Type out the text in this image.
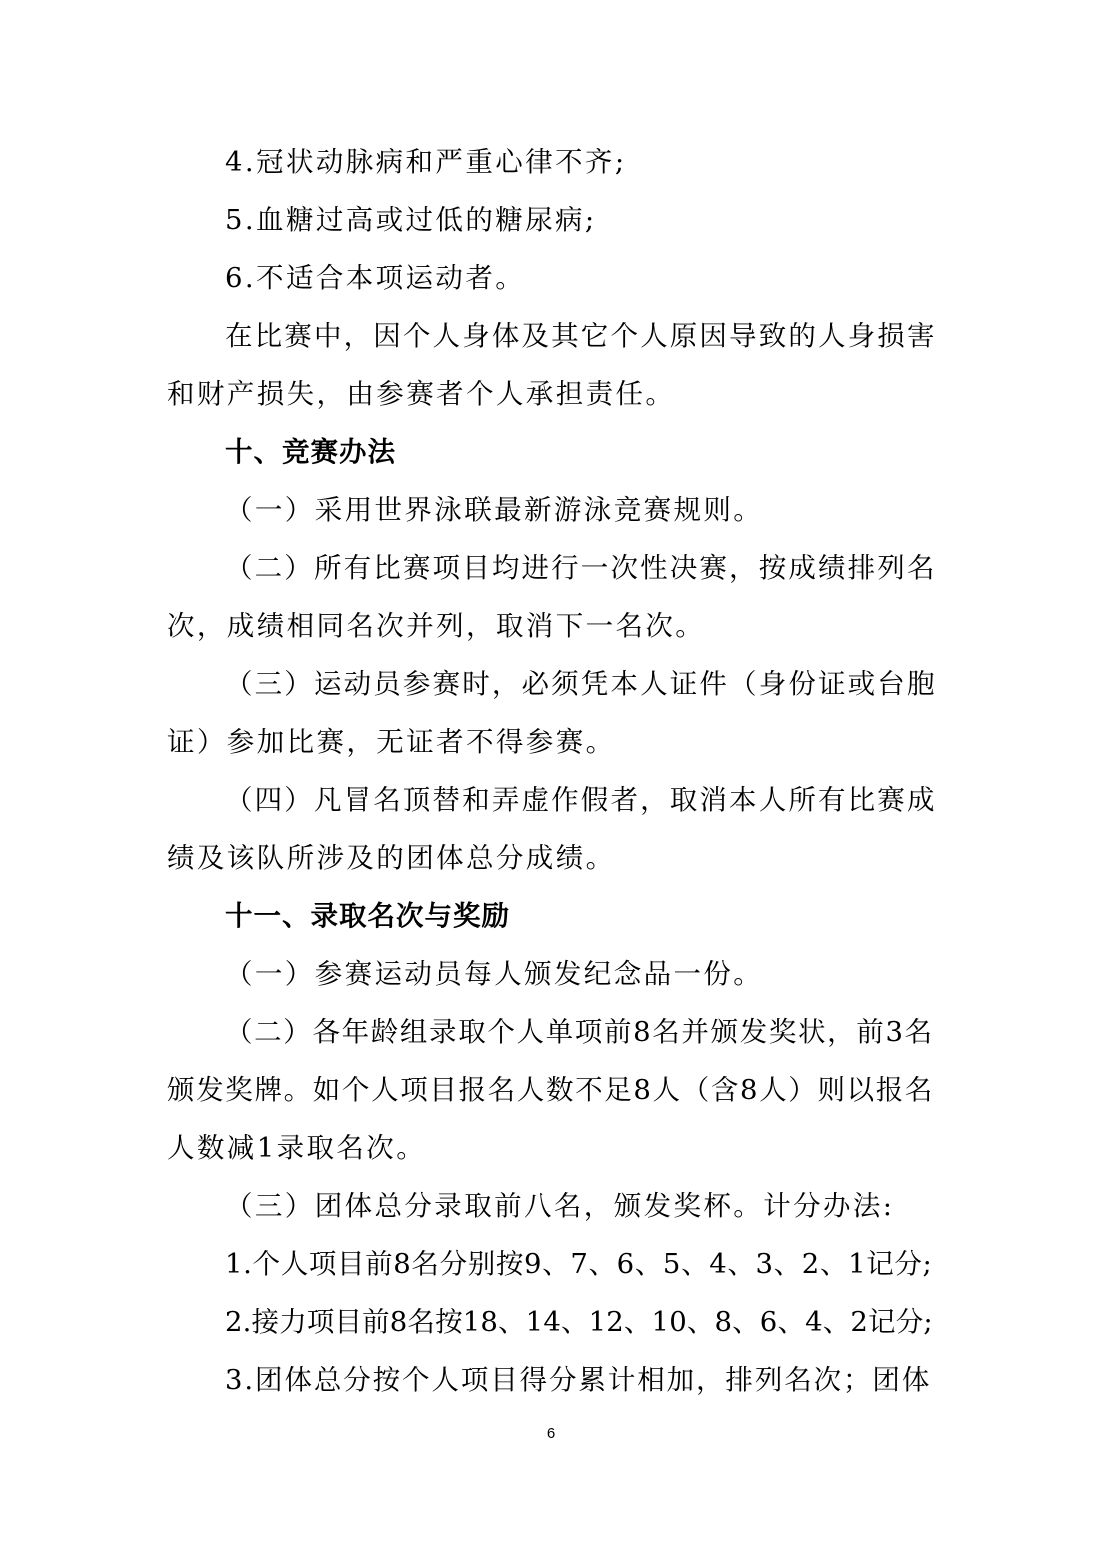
4.冠状动脉病和严重心律不齐;
5.血糖过高或过低的糖尿病;
6.不适合本项运动者。
在比赛中，因个人身体及其它个人原因导致的人身损害
和财产损失，由参赛者个人承担责任。
十、竞赛办法
（一）采用世界泳联最新游泳竞赛规则。
（二）所有比赛项目均进行一次性决赛，按成绩排列名
次，成绩相同名次并列，取消下一名次。
（三）运动员参赛时，必须凭本人证件（身份证或台胞
证）参加比赛，无证者不得参赛。
（四）凡冒名顶替和弄虚作假者，取消本人所有比赛成
绩及该队所涉及的团体总分成绩。
十一、录取名次与奖励
（一）参赛运动员每人颁发纪念品一份。
（二）各年龄组录取个人单项前8名并颁发奖状，前3名
颁发奖牌。如个人项目报名人数不足8人（含8人）则以报名
人数减1录取名次。
（三）团体总分录取前八名，颁发奖杯。计分办法:
1.个人项目前8名分别按9、7、6、5、4、3、2、1记分;
2.接力项目前8名按18、14、12、10、8、6、4、2记分;
3.团体总分按个人项目得分累计相加，排列名次；团体
6
